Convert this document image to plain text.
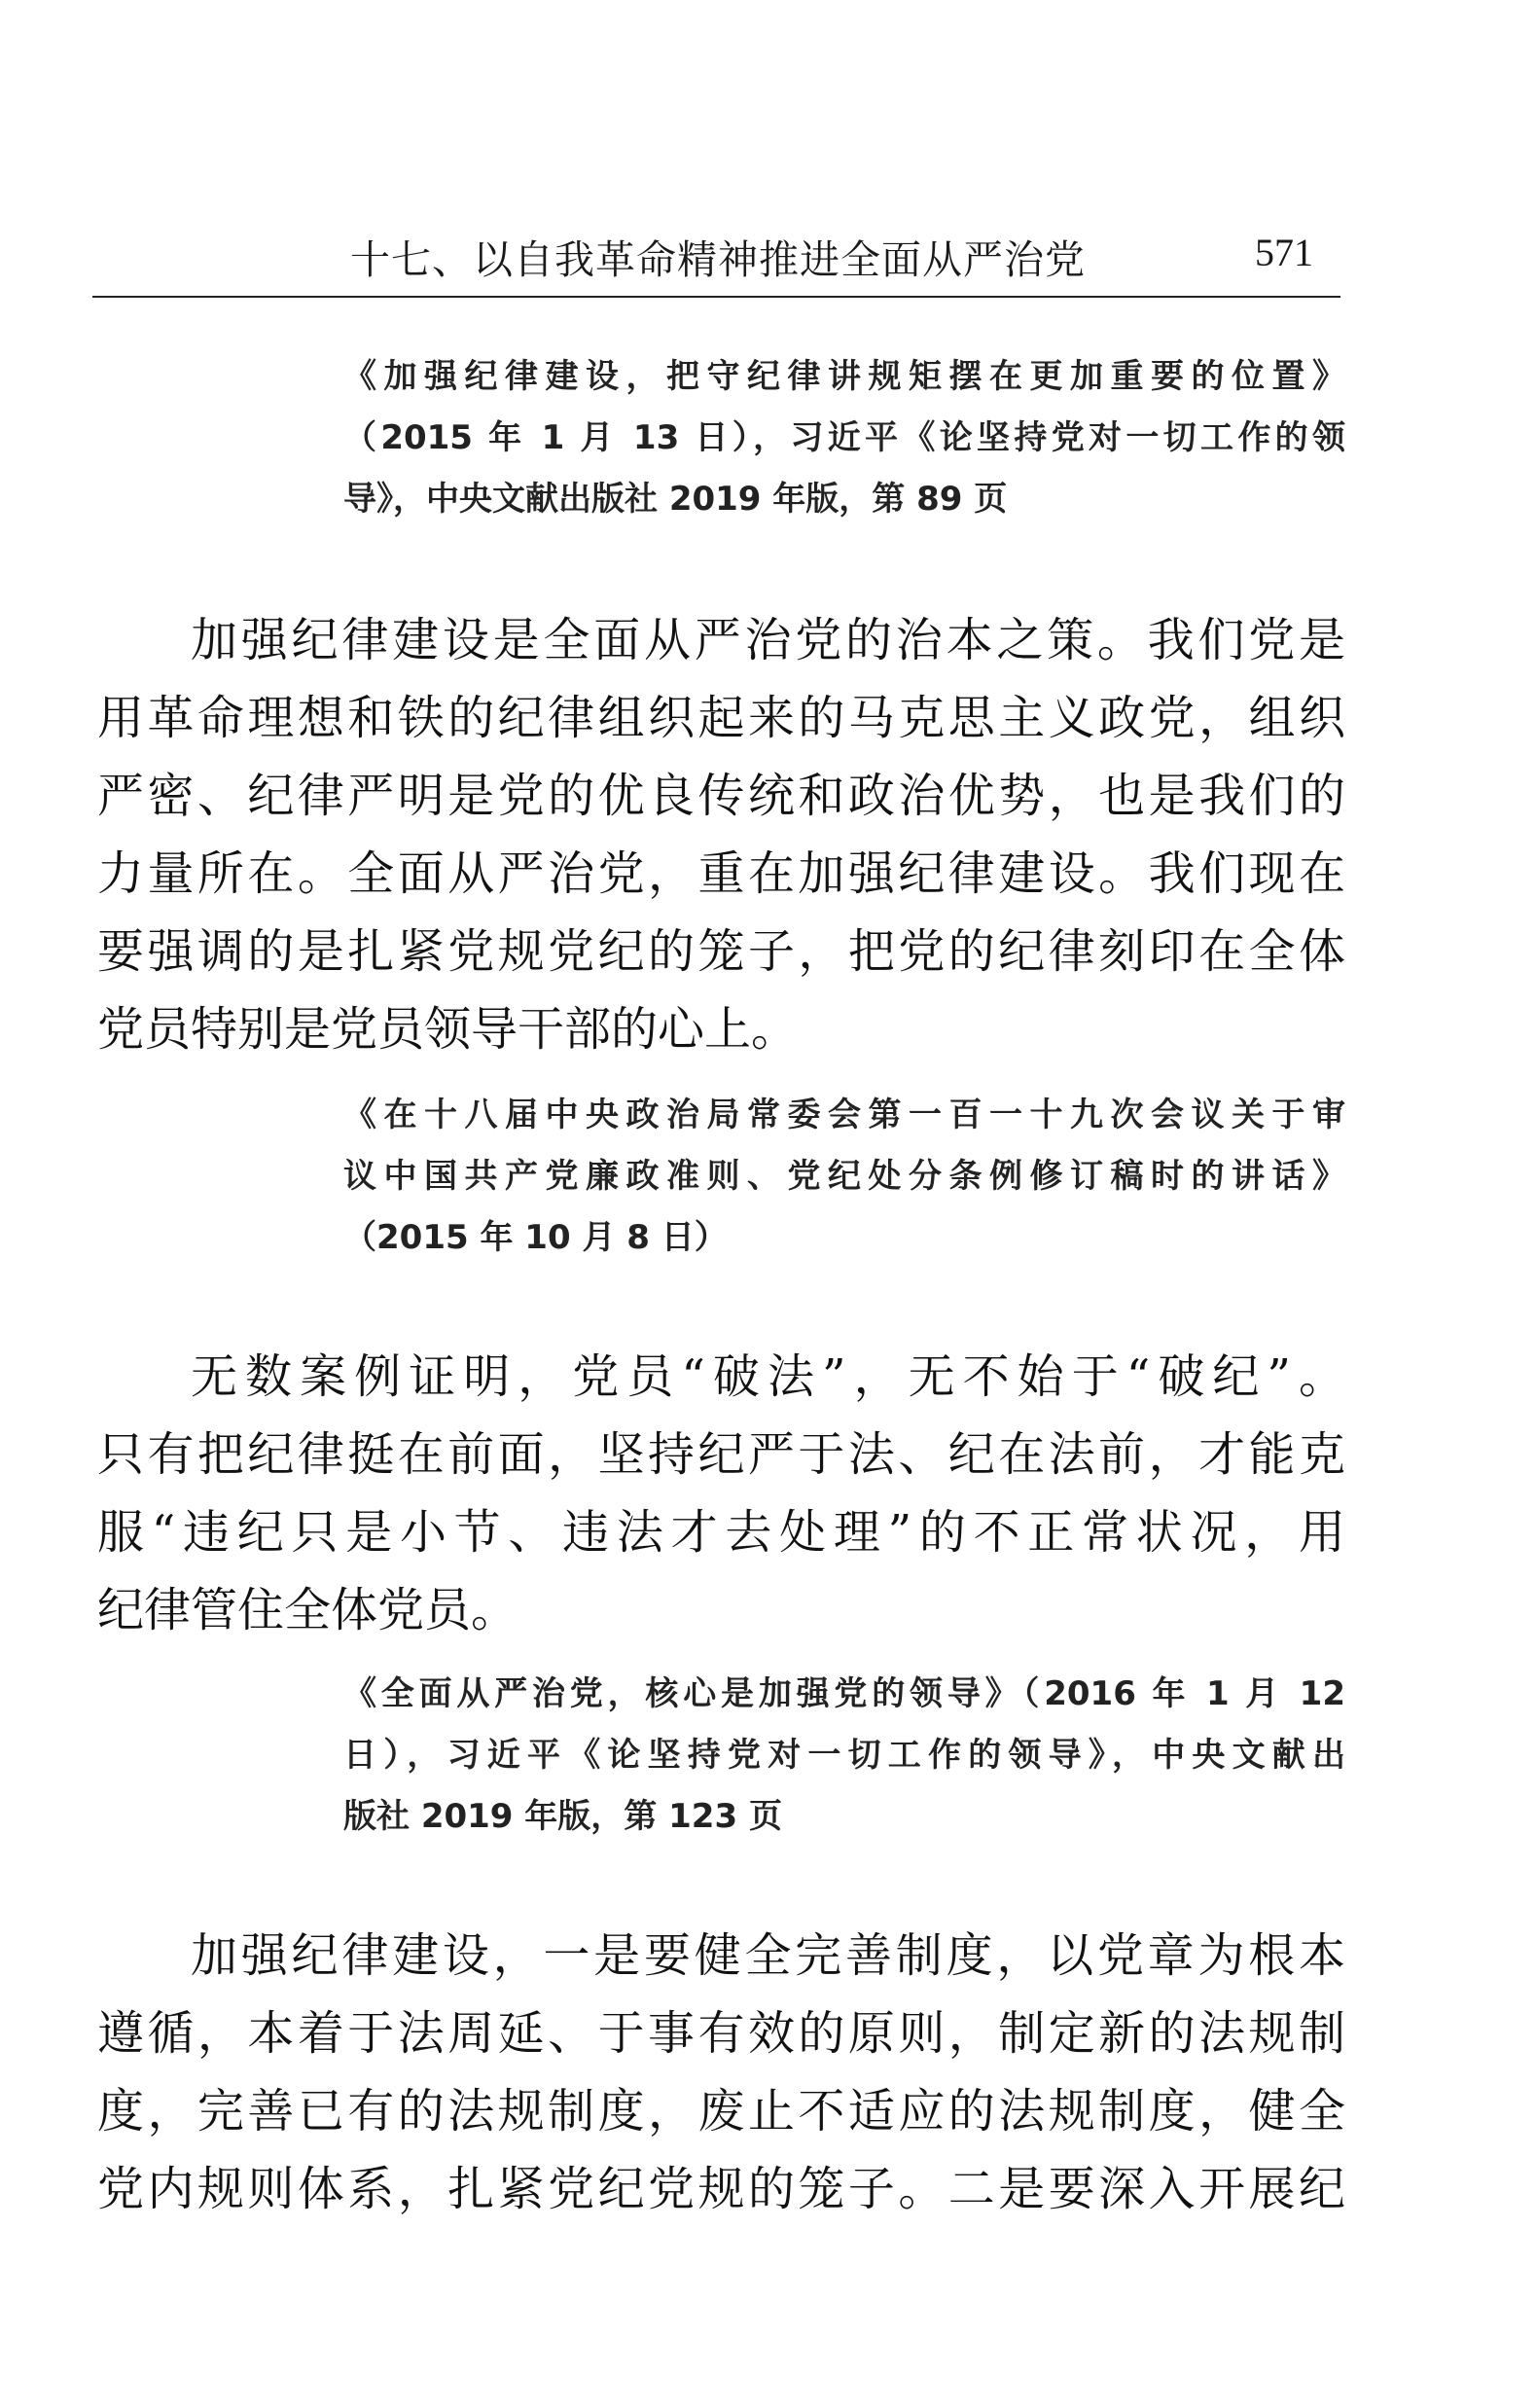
十七、以自我革命精神推进全面从严治党	571
《加强纪律建设，把守纪律讲规矩摆在更加重要的位置》
（2015 年 1 月 13 日），习近平《论坚持党对一切工作的领
导》，中央文献出版社 2019 年版，第 89 页
加强纪律建设是全面从严治党的治本之策。我们党是
用革命理想和铁的纪律组织起来的马克思主义政党，组织
严密、纪律严明是党的优良传统和政治优势，也是我们的
力量所在。全面从严治党，重在加强纪律建设。我们现在
要强调的是扎紧党规党纪的笼子，把党的纪律刻印在全体
党员特别是党员领导干部的心上。
《在十八届中央政治局常委会第一百一十九次会议关于审
议中国共产党廉政准则、党纪处分条例修订稿时的讲话》
（2015 年 10 月 8 日）
无数案例证明，党员“破法”，无不始于“破纪”。
只有把纪律挺在前面，坚持纪严于法、纪在法前，才能克
服“违纪只是小节、违法才去处理”的不正常状况，用
纪律管住全体党员。
《全面从严治党，核心是加强党的领导》（2016 年 1 月 12
日），习近平《论坚持党对一切工作的领导》，中央文献出
版社 2019 年版，第 123 页
加强纪律建设，一是要健全完善制度，以党章为根本
遵循，本着于法周延、于事有效的原则，制定新的法规制
度，完善已有的法规制度，废止不适应的法规制度，健全
党内规则体系，扎紧党纪党规的笼子。二是要深入开展纪
